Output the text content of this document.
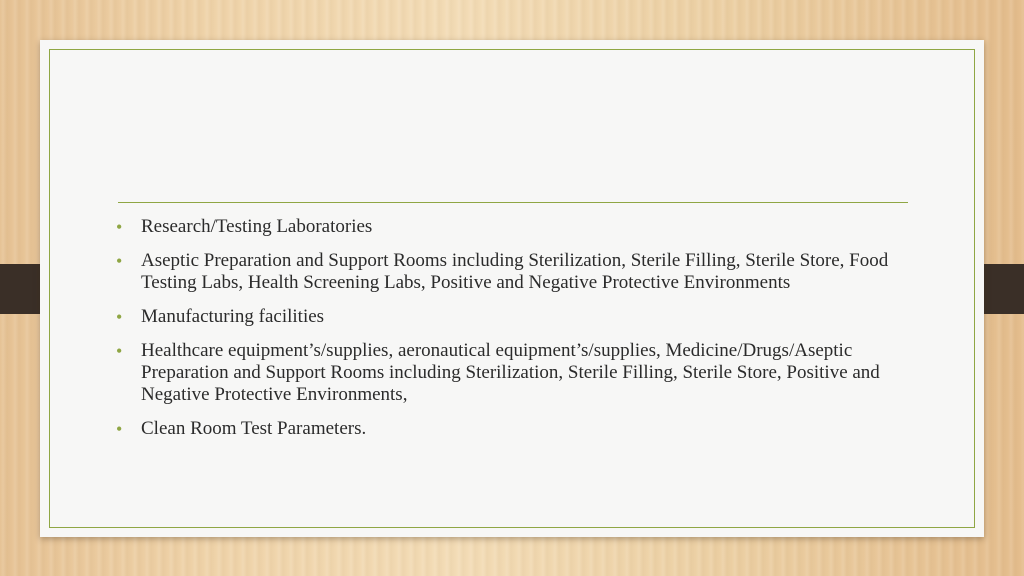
• Research/Testing Laboratories
• Aseptic Preparation and Support Rooms including Sterilization, Sterile Filling, Sterile Store, Food Testing Labs, Health Screening Labs, Positive and Negative Protective Environments
• Manufacturing facilities
• Healthcare equipment’s/supplies, aeronautical equipment’s/supplies, Medicine/Drugs/Aseptic Preparation and Support Rooms including Sterilization, Sterile Filling, Sterile Store, Positive and Negative Protective Environments,
• Clean Room Test Parameters.
